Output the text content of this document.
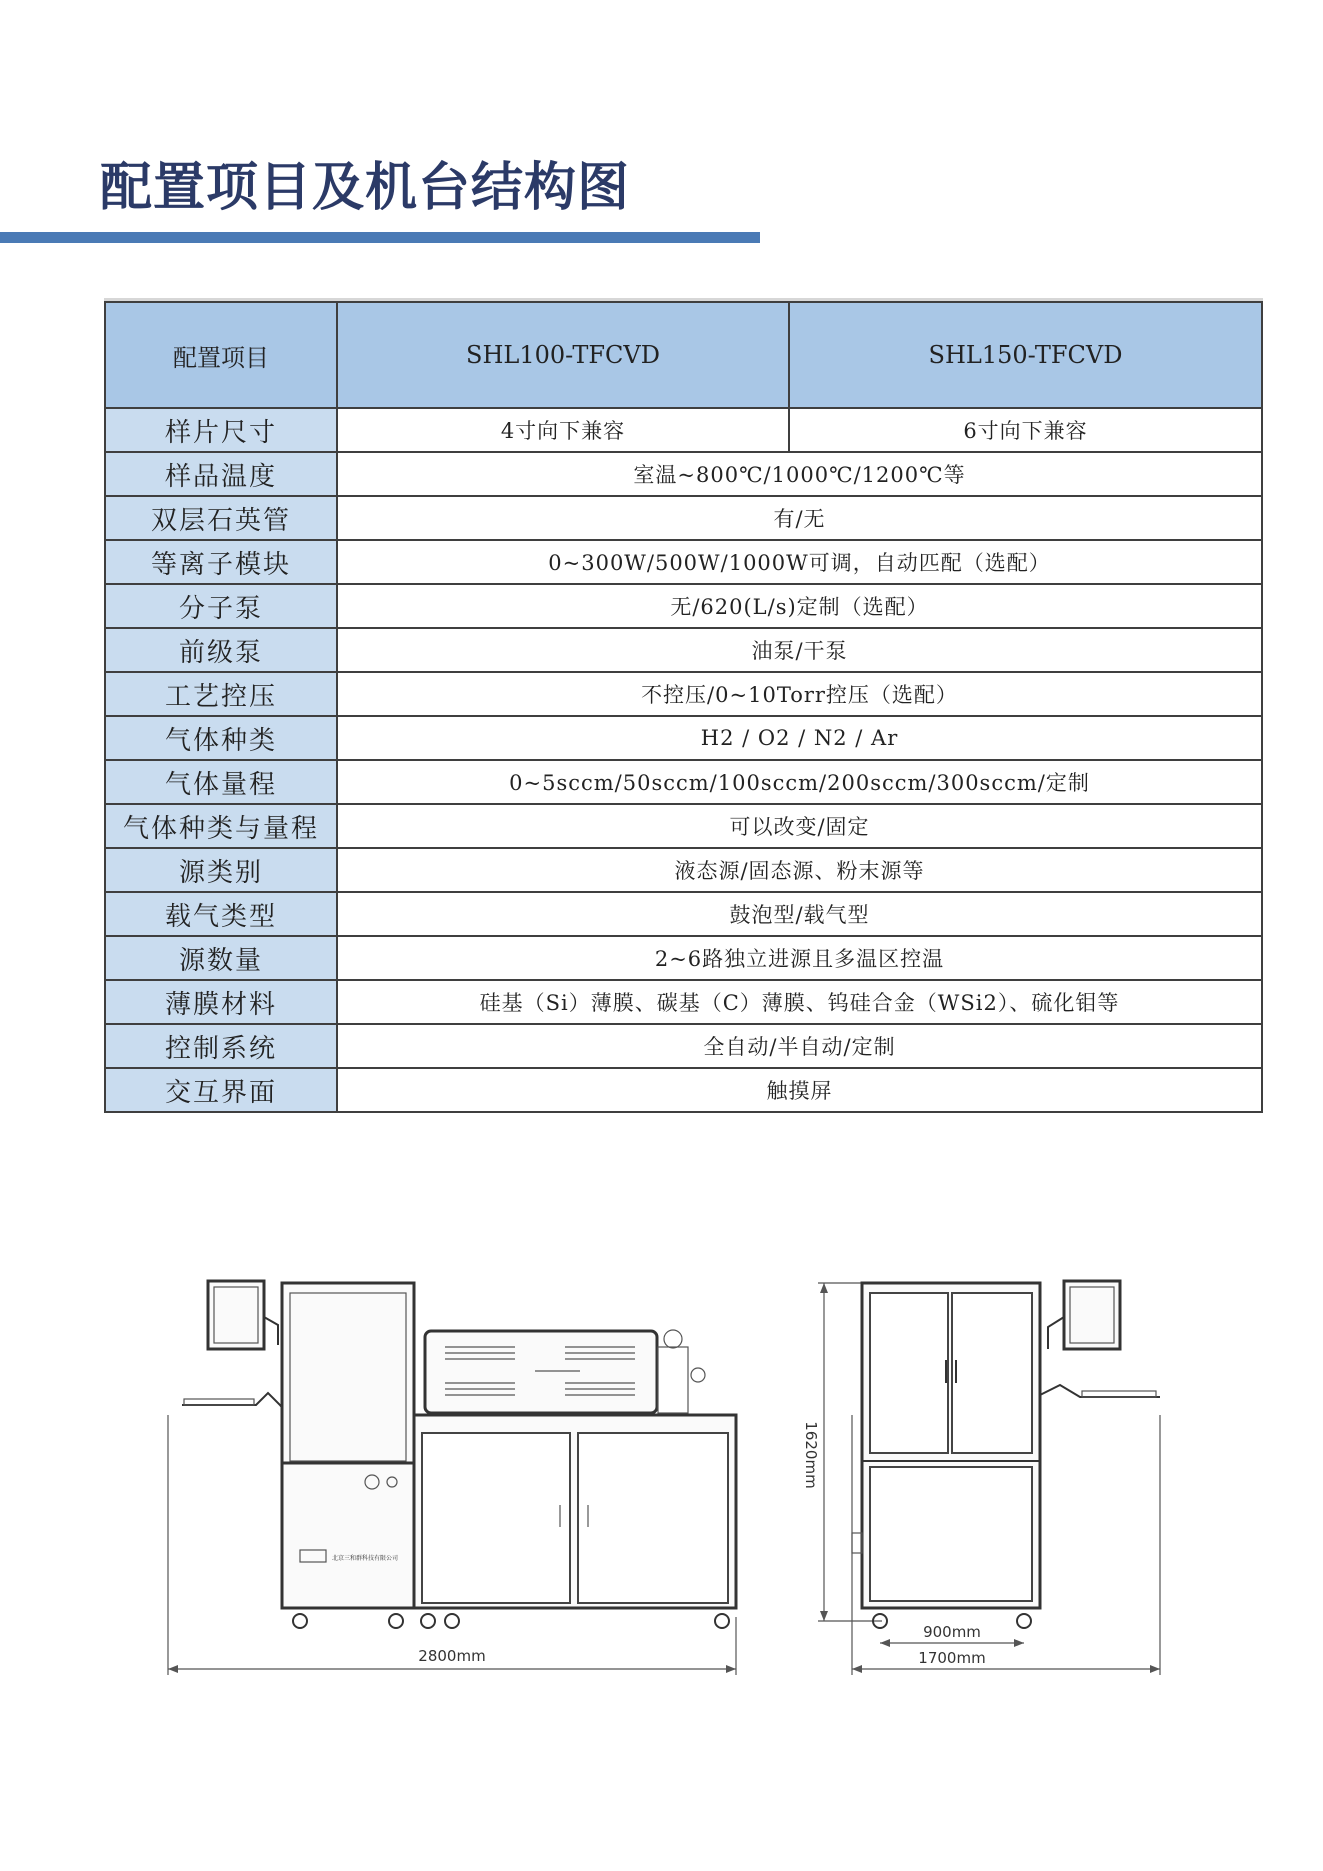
配置项目及机台结构图
配置项目	SHL100-TFCVD	SHL150-TFCVD
样片尺寸	4寸向下兼容	6寸向下兼容
样品温度	室温~800℃/1000℃/1200℃等	
双层石英管	有/无	
等离子模块	0~300W/500W/1000W可调，自动匹配（选配）	
分子泵	无/620(L/s)定制（选配）	
前级泵	油泵/干泵	
工艺控压	不控压/0~10Torr控压（选配）	
气体种类	H2 / O2 / N2 / Ar	
气体量程	0~5sccm/50sccm/100sccm/200sccm/300sccm/定制	
气体种类与量程	可以改变/固定	
源类别	液态源/固态源、粉末源等	
载气类型	鼓泡型/载气型	
源数量	2~6路独立进源且多温区控温	
薄膜材料	硅基（Si）薄膜、碳基（C）薄膜、钨硅合金（WSi2）、硫化钼等	
控制系统	全自动/半自动/定制	
交互界面	触摸屏	
北京三和群科技有限公司
2800mm
1620mm
900mm
1700mm
